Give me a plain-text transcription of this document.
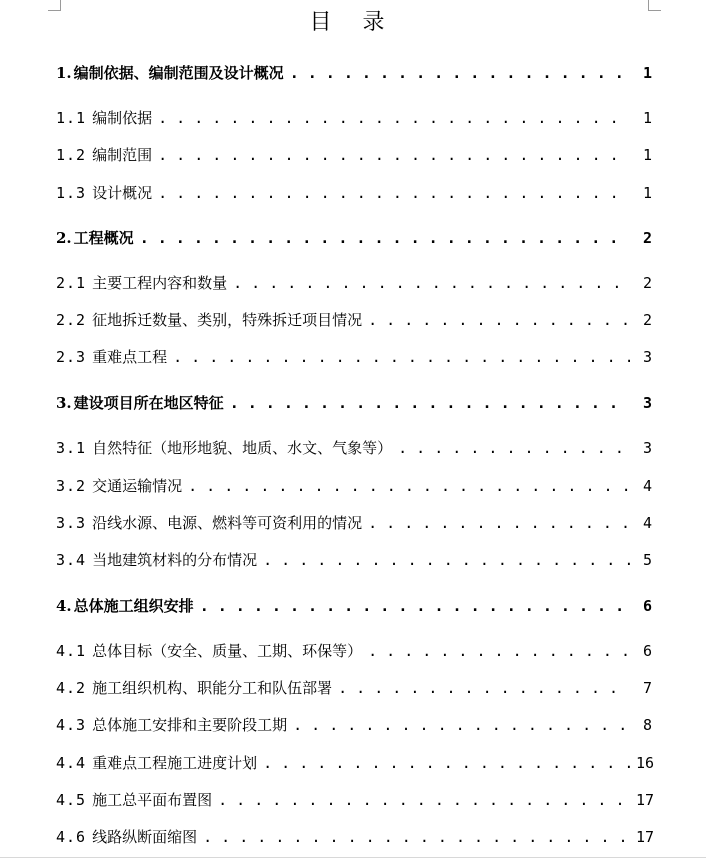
目 录
1. 编制依据、编制范围及设计概况 . . .	1
1.1 编制依据 . . .	1
1.2 编制范围 . . .	1
1.3 设计概况 . . .	1
2. 工程概况 . . .	2
2.1 主要工程内容和数量 . . .	2
2.2 征地拆迁数量、类别，特殊拆迁项目情况 . . .	2
2.3 重难点工程 . . .	3
3. 建设项目所在地区特征 . . .	3
3.1 自然特征（地形地貌、地质、水文、气象等） . . .	3
3.2 交通运输情况 . . .	4
3.3 沿线水源、电源、燃料等可资利用的情况 . . .	4
3.4 当地建筑材料的分布情况 . . .	5
4. 总体施工组织安排 . . .	6
4.1 总体目标（安全、质量、工期、环保等） . . .	6
4.2 施工组织机构、职能分工和队伍部署 . . .	7
4.3 总体施工安排和主要阶段工期 . . .	8
4.4 重难点工程施工进度计划 . . .	16
4.5 施工总平面布置图 . . .	17
4.6 线路纵断面缩图 . . .	17
